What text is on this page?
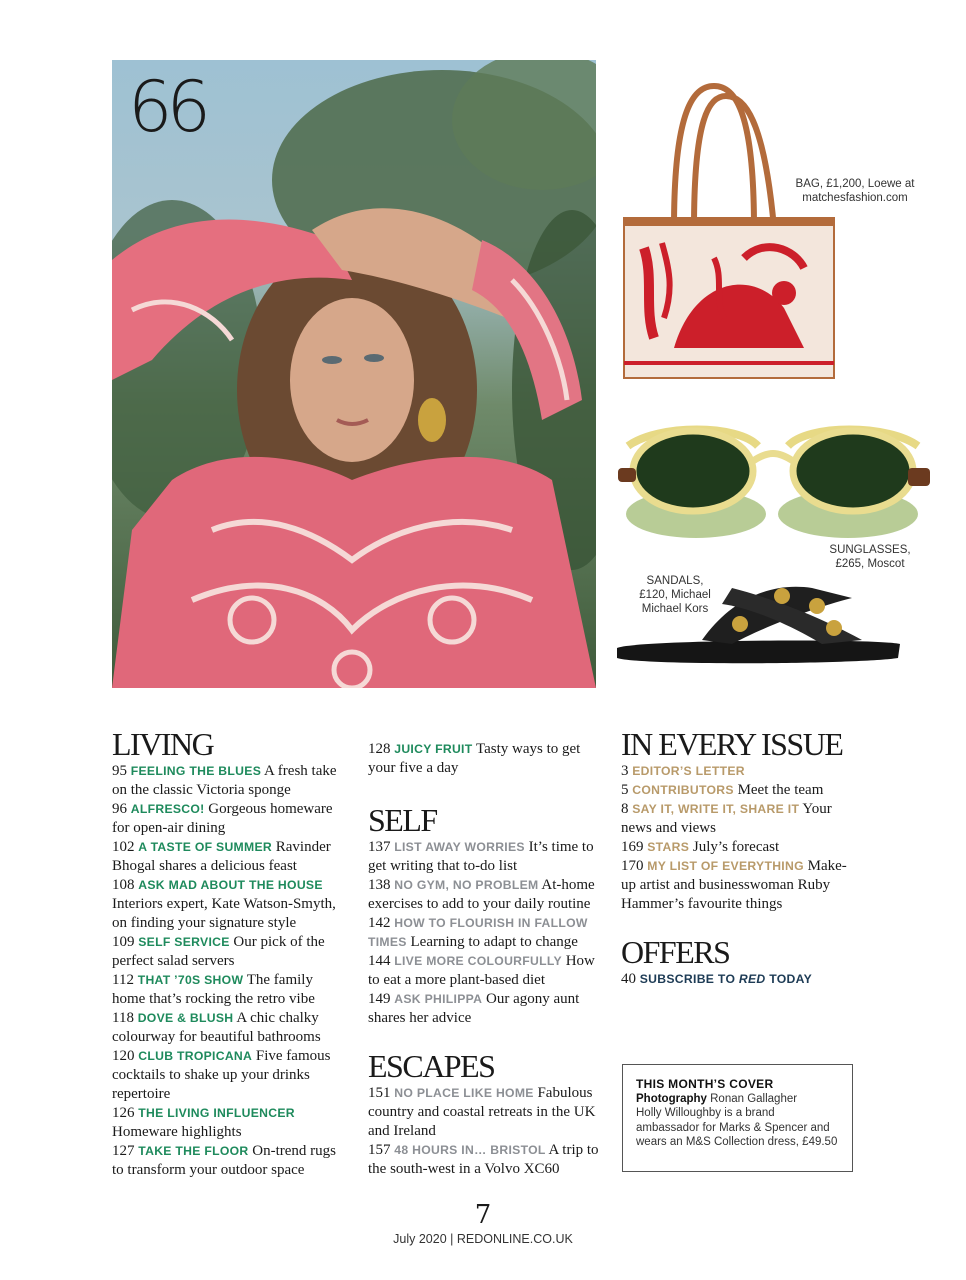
66
BAG, £1,200, Loewe at
matchesfashion.com
SUNGLASSES,
£265, Moscot
SANDALS,
£120, Michael
Michael Kors
LIVING

95 FEELING THE BLUES A fresh take on the classic Victoria sponge

96 ALFRESCO! Gorgeous homeware for open-air dining

102 A TASTE OF SUMMER Ravinder Bhogal shares a delicious feast

108 ASK MAD ABOUT THE HOUSE Interiors expert, Kate Watson-Smyth, on finding your signature style

109 SELF SERVICE Our pick of the perfect salad servers

112 THAT ’70S SHOW The family home that’s rocking the retro vibe

118 DOVE & BLUSH A chic chalky colourway for beautiful bathrooms

120 CLUB TROPICANA Five famous cocktails to shake up your drinks repertoire

126 THE LIVING INFLUENCER Homeware highlights

127 TAKE THE FLOOR On-trend rugs to transform your outdoor space

128 JUICY FRUIT Tasty ways to get your five a day

SELF

137 LIST AWAY WORRIES It’s time to get writing that to-do list

138 NO GYM, NO PROBLEM At-home exercises to add to your daily routine

142 HOW TO FLOURISH IN FALLOW TIMES Learning to adapt to change

144 LIVE MORE COLOURFULLY How to eat a more plant-based diet

149 ASK PHILIPPA Our agony aunt shares her advice

ESCAPES

151 NO PLACE LIKE HOME Fabulous country and coastal retreats in the UK and Ireland

157 48 HOURS IN… BRISTOL A trip to the south-west in a Volvo XC60

IN EVERY ISSUE

3 EDITOR’S LETTER

5 CONTRIBUTORS Meet the team

8 SAY IT, WRITE IT, SHARE IT Your news and views

169 STARS July’s forecast

170 MY LIST OF EVERYTHING Make-up artist and businesswoman Ruby Hammer’s favourite things

OFFERS

40 SUBSCRIBE TO RED TODAY

THIS MONTH’S COVER
Photography Ronan Gallagher
Holly Willoughby is a brand ambassador for Marks & Spencer and wears an M&S Collection dress, £49.50
7
July 2020 | REDONLINE.CO.UK
